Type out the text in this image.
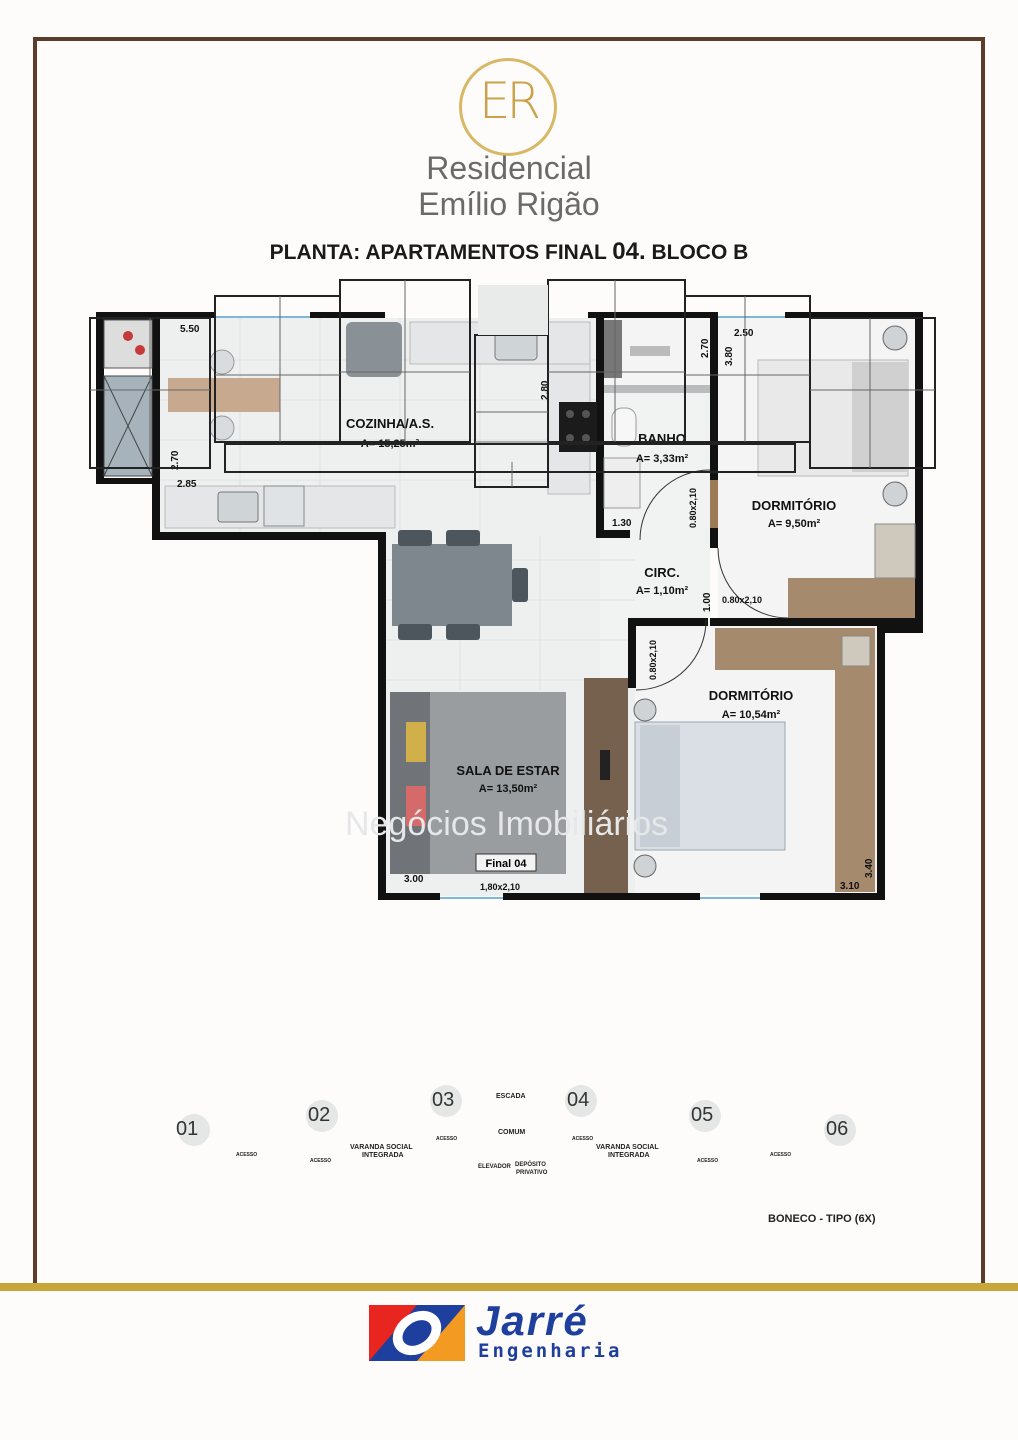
ER
Residencial
Emílio Rigão
PLANTA: APARTAMENTOS FINAL 04. BLOCO B
Negócios Imobiliários
COZINHA/A.S.
A= 15,25m²	BANHO
A= 3,33m²
DORMITÓRIO
A= 9,50m²
CIRC.
A= 1,10m²
DORMITÓRIO
A= 10,54m²
SALA DE ESTAR
A= 13,50m²
5.50
2.80
2.70
2.85
2.70 3.80
2.50
1.30	0.80x2,10
0.80x2,10
0.80x2,10
1.00
3.00
1,80x2,10
3.40
3.10
Final 04
01
02
03	04
05
06
ESCADA
COMUM
ELEVADOR DEPÓSITO
PRIVATIVO
VARANDA SOCIAL
INTEGRADA
VARANDA SOCIAL
INTEGRADA
ACESSO
ACESSO
ACESSO	ACESSO
ACESSO
ACESSO
BONECO - TIPO (6X)
Jarré
Engenharia
